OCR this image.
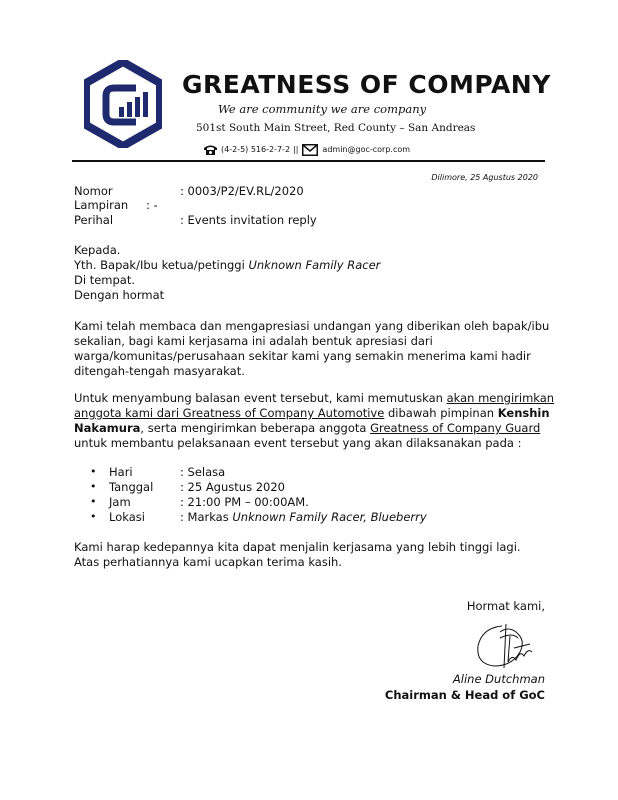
GREATNESS OF COMPANY
We are community we are company
501st South Main Street, Red County – San Andreas
(4-2-5) 516-2-7-2 ||	admin@goc-corp.com
Dilimore, 25 Agustus 2020
Nomor	: 0003/P2/EV.RL/2020
Lampiran : -
Perihal	: Events invitation reply
Kepada.
Yth. Bapak/Ibu ketua/petinggi Unknown Family Racer
Di tempat.
Dengan hormat
Kami telah membaca dan mengapresiasi undangan yang diberikan oleh bapak/ibu
sekalian, bagi kami kerjasama ini adalah bentuk apresiasi dari
warga/komunitas/perusahaan sekitar kami yang semakin menerima kami hadir
ditengah-tengah masyarakat.
Untuk menyambung balasan event tersebut, kami memutuskan akan mengirimkan
anggota kami dari Greatness of Company Automotive dibawah pimpinan Kenshin
Nakamura, serta mengirimkan beberapa anggota Greatness of Company Guard
untuk membantu pelaksanaan event tersebut yang akan dilaksanakan pada :
• Hari	: Selasa
• Tanggal : 25 Agustus 2020
• Jam	: 21:00 PM – 00:00AM.
• Lokasi	: Markas Unknown Family Racer, Blueberry
Kami harap kedepannya kita dapat menjalin kerjasama yang lebih tinggi lagi.
Atas perhatiannya kami ucapkan terima kasih.
Hormat kami,
Aline Dutchman
Chairman & Head of GoC
